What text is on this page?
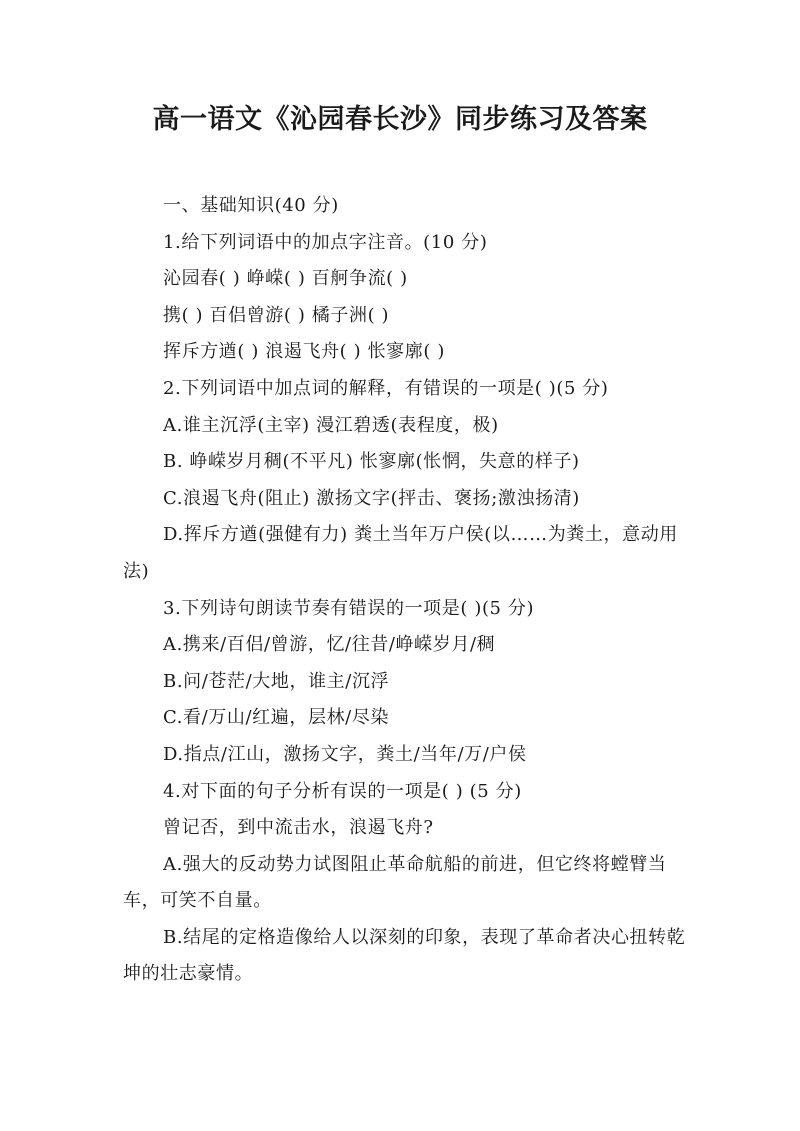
高一语文《沁园春长沙》同步练习及答案
一、基础知识(40 分)
1.给下列词语中的加点字注音。(10 分)
沁园春( ) 峥嵘( ) 百舸争流( )
携( ) 百侣曾游( ) 橘子洲( )
挥斥方遒( ) 浪遏飞舟( ) 怅寥廓( )
2.下列词语中加点词的解释，有错误的一项是( )(5 分)
A.谁主沉浮(主宰) 漫江碧透(表程度，极)
B. 峥嵘岁月稠(不平凡) 怅寥廓(怅惘，失意的样子)
C.浪遏飞舟(阻止) 激扬文字(抨击、褒扬;激浊扬清)
D.挥斥方遒(强健有力) 粪土当年万户侯(以……为粪土，意动用法)
3.下列诗句朗读节奏有错误的一项是( )(5 分)
A.携来/百侣/曾游，忆/往昔/峥嵘岁月/稠
B.问/苍茫/大地，谁主/沉浮
C.看/万山/红遍，层林/尽染
D.指点/江山，激扬文字，粪土/当年/万/户侯
4.对下面的句子分析有误的一项是( ) (5 分)
曾记否，到中流击水，浪遏飞舟?
A.强大的反动势力试图阻止革命航船的前进，但它终将螳臂当车，可笑不自量。
B.结尾的定格造像给人以深刻的印象，表现了革命者决心扭转乾坤的壮志豪情。
